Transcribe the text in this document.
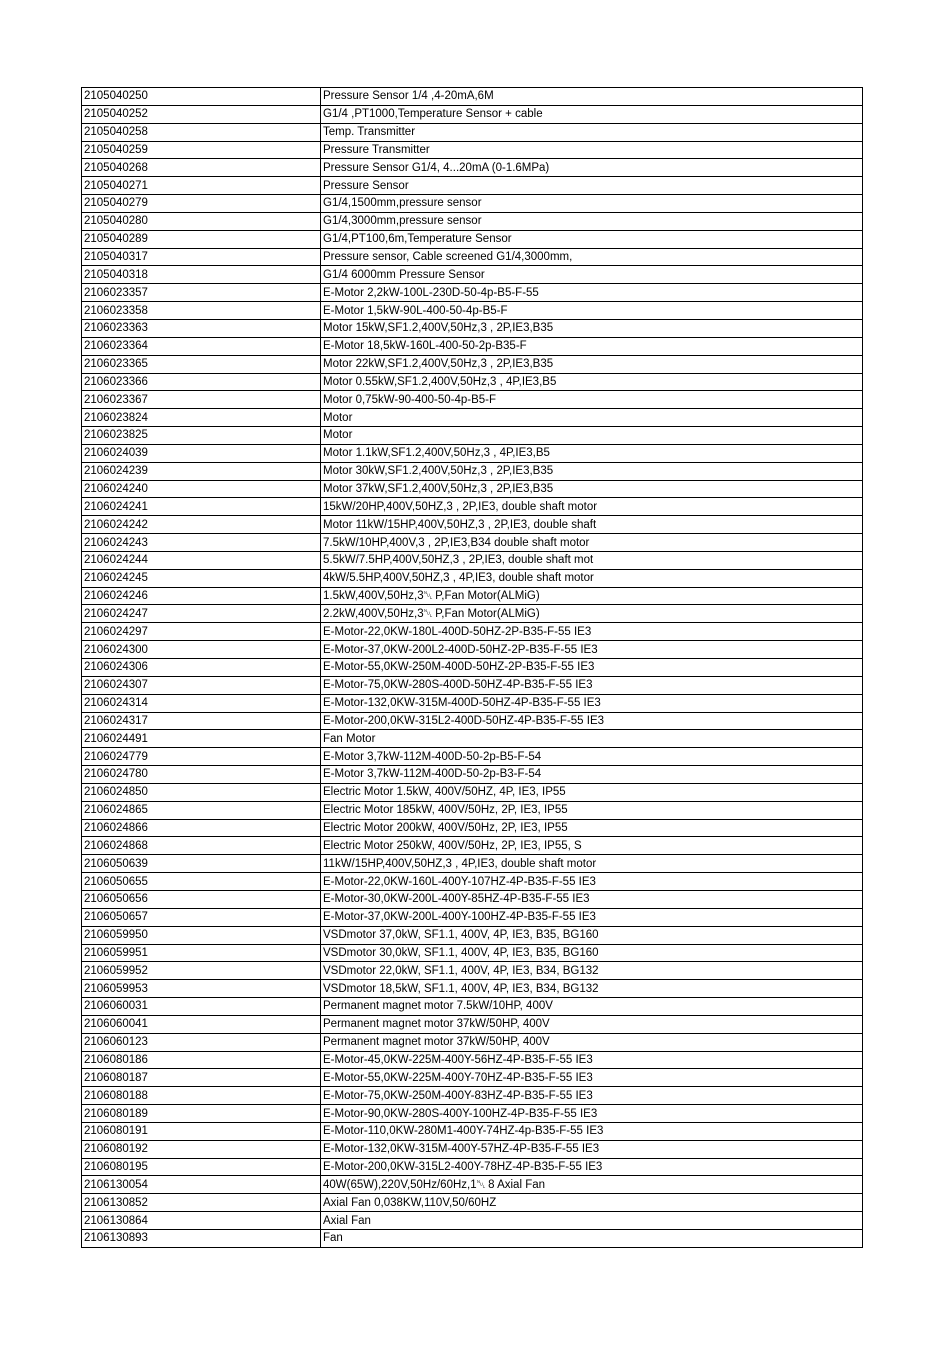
2105040250	Pressure Sensor 1/4 ,4-20mA,6M
2105040252	G1/4 ,PT1000,Temperature Sensor + cable
2105040258	Temp. Transmitter
2105040259	Pressure Transmitter
2105040268	Pressure Sensor G1/4, 4...20mA (0-1.6MPa)
2105040271	Pressure Sensor
2105040279	G1/4,1500mm,pressure sensor
2105040280	G1/4,3000mm,pressure sensor
2105040289	G1/4,PT100,6m,Temperature Sensor
2105040317	Pressure sensor, Cable screened G1/4,3000mm,
2105040318	G1/4 6000mm Pressure Sensor
2106023357	E-Motor 2,2kW-100L-230D-50-4p-B5-F-55
2106023358	E-Motor 1,5kW-90L-400-50-4p-B5-F
2106023363	Motor 15kW,SF1.2,400V,50Hz,3 , 2P,IE3,B35
2106023364	E-Motor 18,5kW-160L-400-50-2p-B35-F
2106023365	Motor 22kW,SF1.2,400V,50Hz,3 , 2P,IE3,B35
2106023366	Motor 0.55kW,SF1.2,400V,50Hz,3 , 4P,IE3,B5
2106023367	Motor 0,75kW-90-400-50-4p-B5-F
2106023824	Motor
2106023825	Motor
2106024039	Motor 1.1kW,SF1.2,400V,50Hz,3 , 4P,IE3,B5
2106024239	Motor 30kW,SF1.2,400V,50Hz,3 , 2P,IE3,B35
2106024240	Motor 37kW,SF1.2,400V,50Hz,3 , 2P,IE3,B35
2106024241	15kW/20HP,400V,50HZ,3 , 2P,IE3, double shaft motor
2106024242	Motor 11kW/15HP,400V,50HZ,3 , 2P,IE3, double shaft
2106024243	7.5kW/10HP,400V,3 , 2P,IE3,B34 double shaft motor
2106024244	5.5kW/7.5HP,400V,50HZ,3 , 2P,IE3, double shaft mot
2106024245	4kW/5.5HP,400V,50HZ,3 , 4P,IE3, double shaft motor
2106024246	1.5kW,400V,50Hz,3␀ P,Fan Motor(ALMiG)
2106024247	2.2kW,400V,50Hz,3␀ P,Fan Motor(ALMiG)
2106024297	E-Motor-22,0KW-180L-400D-50HZ-2P-B35-F-55 IE3
2106024300	E-Motor-37,0KW-200L2-400D-50HZ-2P-B35-F-55 IE3
2106024306	E-Motor-55,0KW-250M-400D-50HZ-2P-B35-F-55 IE3
2106024307	E-Motor-75,0KW-280S-400D-50HZ-4P-B35-F-55 IE3
2106024314	E-Motor-132,0KW-315M-400D-50HZ-4P-B35-F-55 IE3
2106024317	E-Motor-200,0KW-315L2-400D-50HZ-4P-B35-F-55 IE3
2106024491	Fan Motor
2106024779	E-Motor 3,7kW-112M-400D-50-2p-B5-F-54
2106024780	E-Motor 3,7kW-112M-400D-50-2p-B3-F-54
2106024850	Electric Motor 1.5kW, 400V/50HZ, 4P, IE3, IP55
2106024865	Electric Motor 185kW, 400V/50Hz, 2P, IE3, IP55
2106024866	Electric Motor 200kW, 400V/50Hz, 2P, IE3, IP55
2106024868	Electric Motor 250kW, 400V/50Hz, 2P, IE3, IP55, S
2106050639	11kW/15HP,400V,50HZ,3 , 4P,IE3, double shaft motor
2106050655	E-Motor-22,0KW-160L-400Y-107HZ-4P-B35-F-55 IE3
2106050656	E-Motor-30,0KW-200L-400Y-85HZ-4P-B35-F-55 IE3
2106050657	E-Motor-37,0KW-200L-400Y-100HZ-4P-B35-F-55 IE3
2106059950	VSDmotor 37,0kW, SF1.1, 400V, 4P, IE3, B35, BG160
2106059951	VSDmotor 30,0kW, SF1.1, 400V, 4P, IE3, B35, BG160
2106059952	VSDmotor 22,0kW, SF1.1, 400V, 4P, IE3, B34, BG132
2106059953	VSDmotor 18,5kW, SF1.1, 400V, 4P, IE3, B34, BG132
2106060031	Permanent magnet motor 7.5kW/10HP, 400V
2106060041	Permanent magnet motor 37kW/50HP, 400V
2106060123	Permanent magnet motor 37kW/50HP, 400V
2106080186	E-Motor-45,0KW-225M-400Y-56HZ-4P-B35-F-55 IE3
2106080187	E-Motor-55,0KW-225M-400Y-70HZ-4P-B35-F-55 IE3
2106080188	E-Motor-75,0KW-250M-400Y-83HZ-4P-B35-F-55 IE3
2106080189	E-Motor-90,0KW-280S-400Y-100HZ-4P-B35-F-55 IE3
2106080191	E-Motor-110,0KW-280M1-400Y-74HZ-4p-B35-F-55 IE3
2106080192	E-Motor-132,0KW-315M-400Y-57HZ-4P-B35-F-55 IE3
2106080195	E-Motor-200,0KW-315L2-400Y-78HZ-4P-B35-F-55 IE3
2106130054	40W(65W),220V,50Hz/60Hz,1␀ 8 Axial Fan
2106130852	Axial Fan 0,038KW,110V,50/60HZ
2106130864	Axial Fan
2106130893	Fan
